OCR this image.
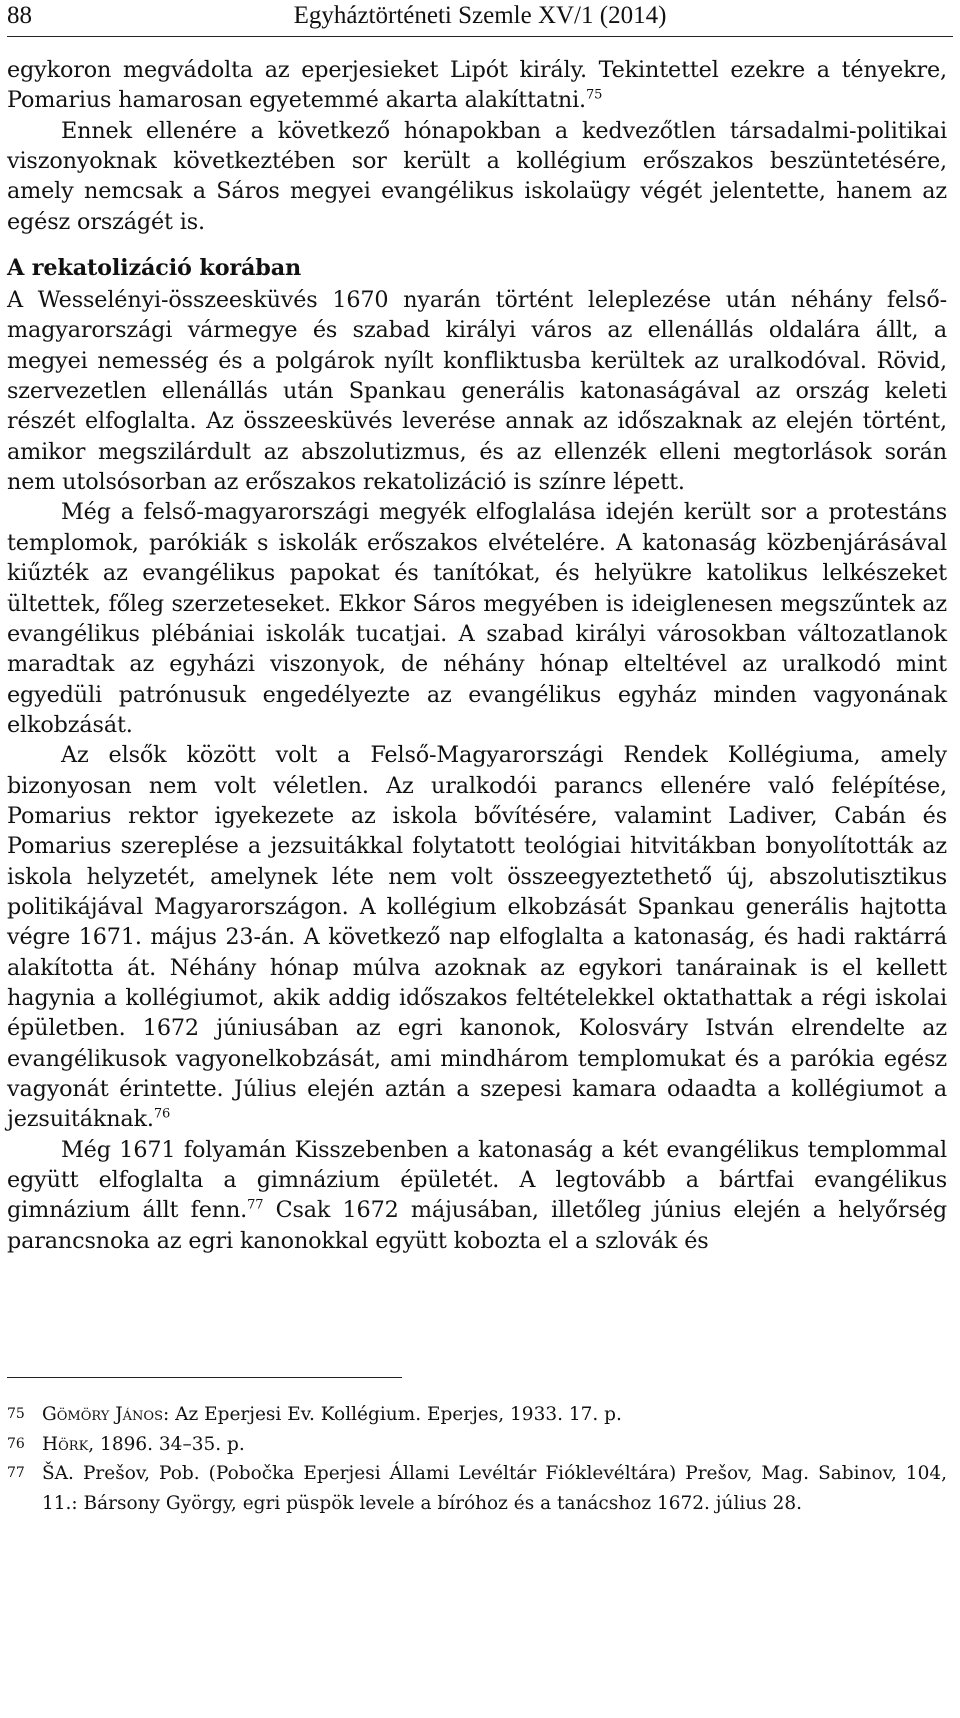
88	Egyháztörténeti Szemle XV/1 (2014)

egykoron megvádolta az eperjesieket Lipót király. Tekintettel ezekre a tényekre, Pomarius hamarosan egyetemmé akarta alakíttatni.$^{75}$

Ennek ellenére a következő hónapokban a kedvezőtlen társadalmi-politikai viszonyoknak következtében sor került a kollégium erőszakos beszüntetésére, amely nemcsak a Sáros megyei evangélikus iskolaügy végét jelentette, hanem az egész országét is.

A rekatolizáció korában

A Wesselényi-összeesküvés 1670 nyarán történt leleplezése után néhány felső-magyarországi vármegye és szabad királyi város az ellenállás oldalára állt, a megyei nemesség és a polgárok nyílt konfliktusba kerültek az uralkodóval. Rövid, szervezetlen ellenállás után Spankau generális katonaságával az ország keleti részét elfoglalta. Az összeesküvés leverése annak az időszaknak az elején történt, amikor megszilárdult az abszolutizmus, és az ellenzék elleni megtorlások során nem utolsósorban az erőszakos rekatolizáció is színre lépett.

Még a felső-magyarországi megyék elfoglalása idején került sor a protestáns templomok, parókiák s iskolák erőszakos elvételére. A katonaság közbenjárásával kiűzték az evangélikus papokat és tanítókat, és helyükre katolikus lelkészeket ültettek, főleg szerzeteseket. Ekkor Sáros megyében is ideiglenesen megszűntek az evangélikus plébániai iskolák tucatjai. A szabad királyi városokban változatlanok maradtak az egyházi viszonyok, de néhány hónap elteltével az uralkodó mint egyedüli patrónusuk engedélyezte az evangélikus egyház minden vagyonának elkobzását.

Az elsők között volt a Felső-Magyarországi Rendek Kollégiuma, amely bizonyosan nem volt véletlen. Az uralkodói parancs ellenére való felépítése, Pomarius rektor igyekezete az iskola bővítésére, valamint Ladiver, Cabán és Pomarius szereplése a jezsuitákkal folytatott teológiai hitvitákban bonyolították az iskola helyzetét, amelynek léte nem volt összeegyeztethető új, abszolutisztikus politikájával Magyarországon. A kollégium elkobzását Spankau generális hajtotta végre 1671. május 23-án. A következő nap elfoglalta a katonaság, és hadi raktárrá alakította át. Néhány hónap múlva azoknak az egykori tanárainak is el kellett hagynia a kollégiumot, akik addig időszakos feltételekkel oktathattak a régi iskolai épületben. 1672 júniusában az egri kanonok, Kolosváry István elrendelte az evangélikusok vagyonelkobzását, ami mindhárom templomukat és a parókia egész vagyonát érintette. Július elején aztán a szepesi kamara odaadta a kollégiumot a jezsuitáknak.$^{76}$

Még 1671 folyamán Kisszebenben a katonaság a két evangélikus templommal együtt elfoglalta a gimnázium épületét. A legtovább a bártfai evangélikus gimnázium állt fenn.$^{77}$ Csak 1672 májusában, illetőleg június elején a helyőrség parancsnoka az egri kanonokkal együtt kobozta el a szlovák és

75 Gömöry János: Az Eperjesi Ev. Kollégium. Eperjes, 1933. 17. p.
76 Hörk, 1896. 34–35. p.
77 ŠA. Prešov, Pob. (Pobočka Eperjesi Állami Levéltár Fióklevéltára) Prešov, Mag. Sabinov, 104, 11.: Bársony György, egri püspök levele a bíróhoz és a tanácshoz 1672. július 28.
